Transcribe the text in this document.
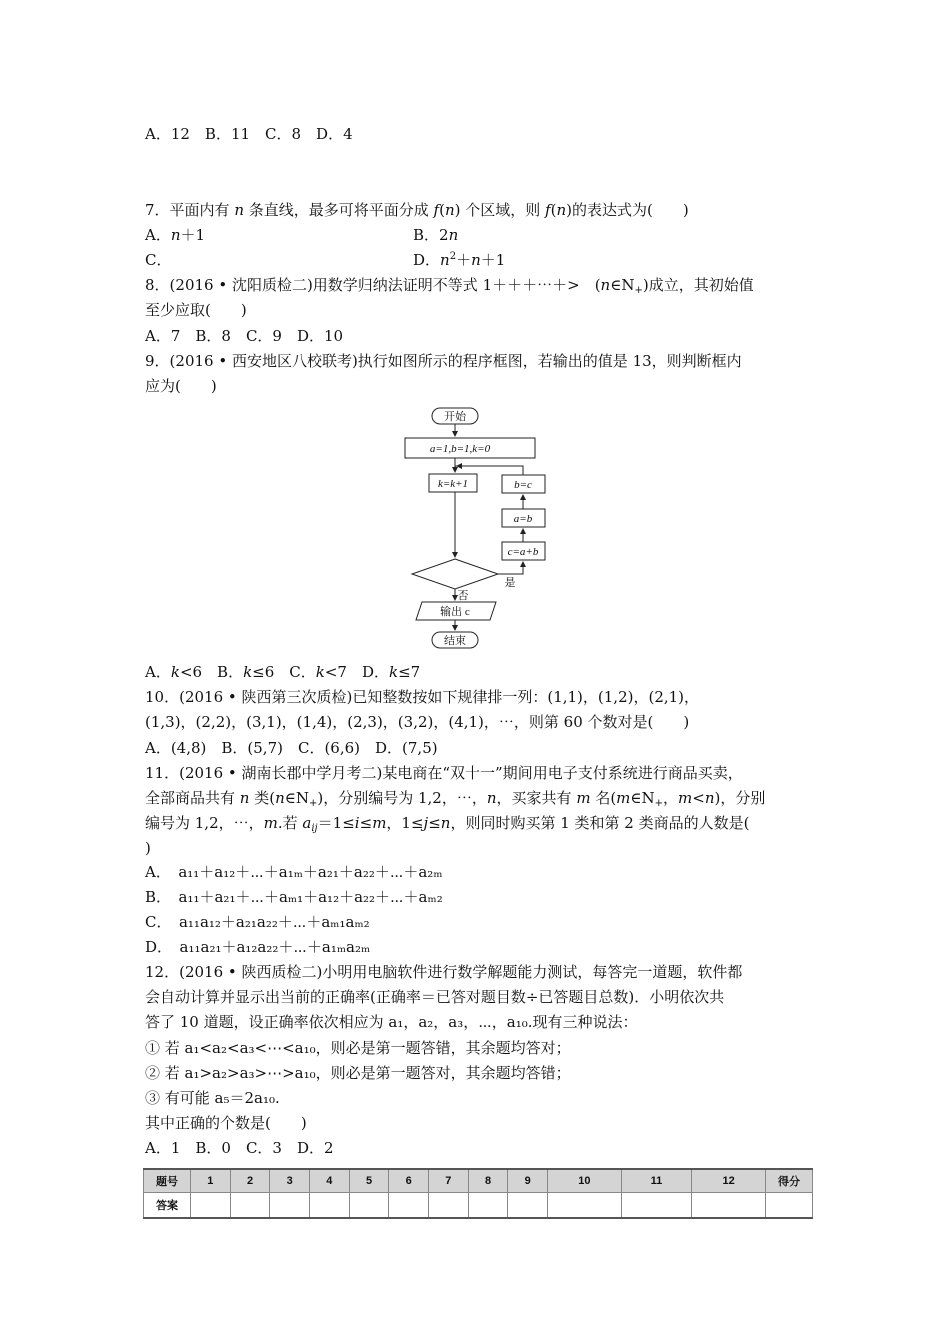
A．12　B．11　C．8　D．4
7．平面内有 n 条直线，最多可将平面分成 f(n) 个区域，则 f(n)的表达式为(　　)
A．n＋1	B．2n
C．	D．$n^2+n+1$
8．(2016 • 沈阳质检二)用数学归纳法证明不等式 1＋＋＋⋯＋>　$(n\in N_+)$成立，其初始值
至少应取(　　)
A．7　B．8　C．9　D．10
9．(2016 • 西安地区八校联考)执行如图所示的程序框图，若输出的值是 13，则判断框内
应为(　　)
开始
a=1,b=1,k=0
k=k+1	b=c
a=b
c=a+b
是
否
输出 c
结束
A．k<6　B．k≤6　C．k<7　D．k≤7
10．(2016 • 陕西第三次质检)已知整数按如下规律排一列：(1,1)，(1,2)，(2,1)，
(1,3)，(2,2)，(3,1)，(1,4)，(2,3)，(3,2)，(4,1)，⋯，则第 60 个数对是(　　)
A．(4,8)　B．(5,7)　C．(6,6)　D．(7,5)
11．(2016 • 湖南长郡中学月考二)某电商在“双十一”期间用电子支付系统进行商品买卖，
全部商品共有 n 类$(n\in N_+)$，分别编号为 1,2，⋯，n，买家共有 m 名($m\in N_+$，m<n)，分别
编号为 1,2，⋯，m.若 $a_{ij}=1\le i\le m$，1≤j≤n，则同时购买第 1 类和第 2 类商品的人数是(
)
A．　a₁₁＋a₁₂＋⋯＋a₁ₘ＋a₂₁＋a₂₂＋⋯＋a₂ₘ
B．　a₁₁＋a₂₁＋⋯＋aₘ₁＋a₁₂＋a₂₂＋⋯＋aₘ₂
C．　a₁₁a₁₂＋a₂₁a₂₂＋⋯＋aₘ₁aₘ₂
D．　a₁₁a₂₁＋a₁₂a₂₂＋⋯＋a₁ₘa₂ₘ
12．(2016 • 陕西质检二)小明用电脑软件进行数学解题能力测试，每答完一道题，软件都
会自动计算并显示出当前的正确率(正确率＝已答对题目数÷已答题目总数)．小明依次共
答了 10 道题，设正确率依次相应为 a₁，a₂，a₃，⋯，a₁₀.现有三种说法：
① 若 a₁<a₂<a₃<⋯<a₁₀，则必是第一题答错，其余题均答对；
② 若 a₁>a₂>a₃>⋯>a₁₀，则必是第一题答对，其余题均答错；
③ 有可能 a₅＝2a₁₀.
其中正确的个数是(　　)
A．1　B．0　C．3　D．2
题号	1	2	3	4	5	6	7	8	9	10	11	12	得分
答案													
